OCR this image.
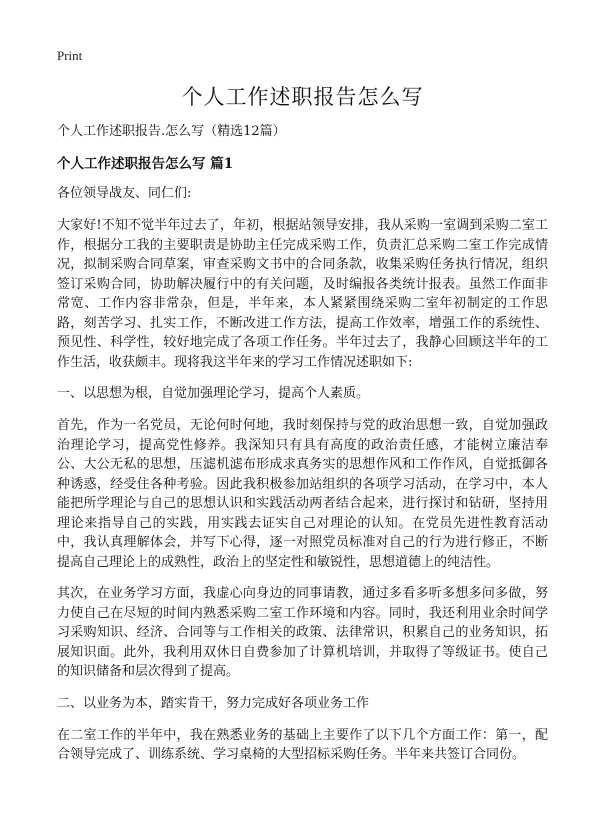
Print
个人工作述职报告怎么写
个人工作述职报告.怎么写（精选12篇）
个人工作述职报告怎么写 篇1
各位领导战友、同仁们:

大家好!不知不觉半年过去了，年初，根据站领导安排，我从采购一室调到采购二室工作，根据分工我的主要职责是协助主任完成采购工作，负责汇总采购二室工作完成情况，拟制采购合同草案，审查采购文书中的合同条款，收集采购任务执行情况，组织签订采购合同，协助解决履行中的有关问题，及时编报各类统计报表。虽然工作面非常宽、工作内容非常杂，但是，半年来，本人紧紧围绕采购二室年初制定的工作思路，刻苦学习、扎实工作，不断改进工作方法，提高工作效率，增强工作的系统性、预见性、科学性，较好地完成了各项工作任务。半年过去了，我静心回顾这半年的工作生活，收获颇丰。现将我这半年来的学习工作情况述职如下:

一、以思想为根，自觉加强理论学习，提高个人素质。

首先，作为一名党员，无论何时何地，我时刻保持与党的政治思想一致，自觉加强政治理论学习，提高党性修养。我深知只有具有高度的政治责任感，才能树立廉洁奉公、大公无私的思想，压滤机滤布形成求真务实的思想作风和工作作风，自觉抵御各种诱惑，经受住各种考验。因此我积极参加站组织的各项学习活动，在学习中，本人能把所学理论与自己的思想认识和实践活动两者结合起来，进行探讨和钻研，坚持用理论来指导自己的实践，用实践去证实自己对理论的认知。在党员先进性教育活动中，我认真理解体会，并写下心得，逐一对照党员标准对自己的行为进行修正，不断提高自己理论上的成熟性，政治上的坚定性和敏锐性，思想道德上的纯洁性。

其次，在业务学习方面，我虚心向身边的同事请教，通过多看多听多想多问多做，努力使自己在尽短的时间内熟悉采购二室工作环境和内容。同时，我还利用业余时间学习采购知识、经济、合同等与工作相关的政策、法律常识，积累自己的业务知识，拓展知识面。此外，我利用双休日自费参加了计算机培训，并取得了等级证书。使自己的知识储备和层次得到了提高。

二、以业务为本，踏实肯干，努力完成好各项业务工作

在二室工作的半年中，我在熟悉业务的基础上主要作了以下几个方面工作：第一，配合领导完成了、训练系统、学习桌椅的大型招标采购任务。半年来共签订合同份。
